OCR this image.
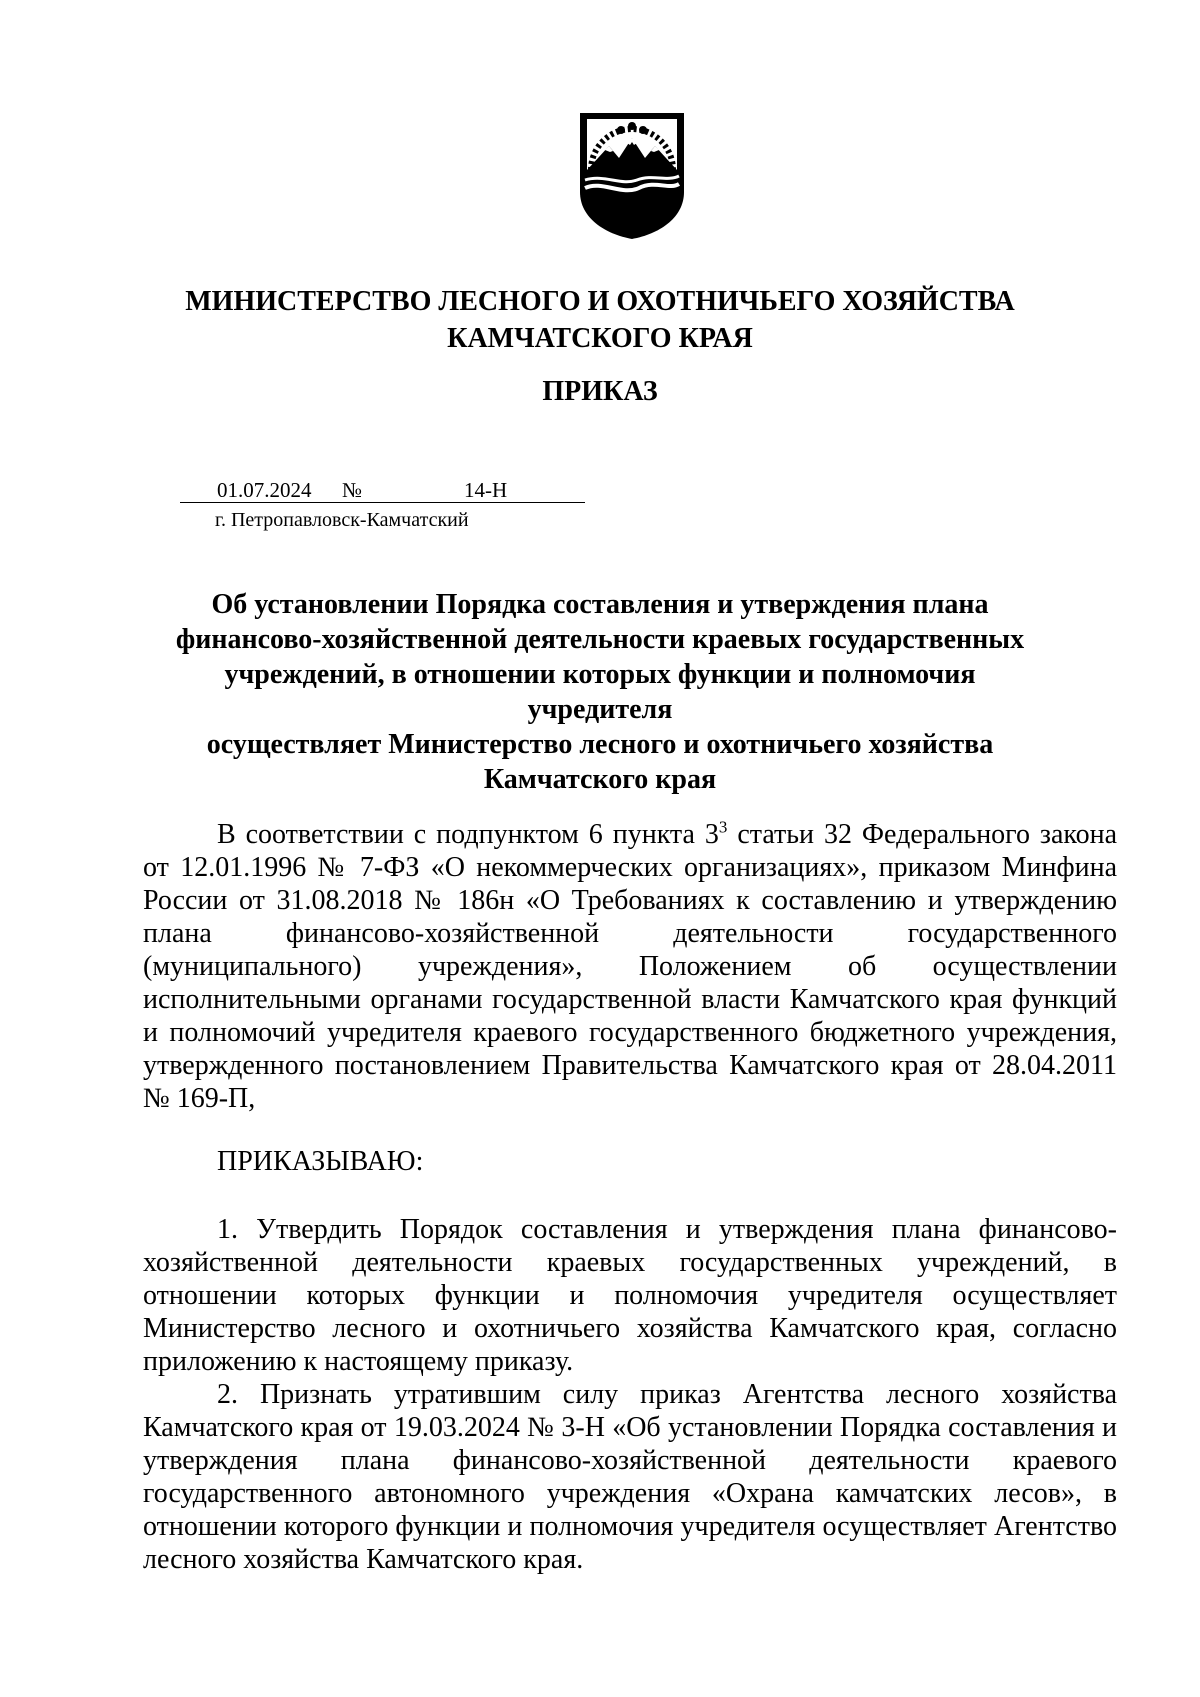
МИНИСТЕРСТВО ЛЕСНОГО И ОХОТНИЧЬЕГО ХОЗЯЙСТВА
КАМЧАТСКОГО КРАЯ
ПРИКАЗ
01.07.2024 №	14-Н
г. Петропавловск-Камчатский
Об установлении Порядка составления и утверждения плана
финансово-хозяйственной деятельности краевых государственных
учреждений, в отношении которых функции и полномочия учредителя
осуществляет Министерство лесного и охотничьего хозяйства
Камчатского края

В соответствии с подпунктом 6 пункта $3^3$ статьи 32 Федерального закона от 12.01.1996 № 7-ФЗ «О некоммерческих организациях», приказом Минфина России от 31.08.2018 № 186н «О Требованиях к составлению и утверждению плана финансово-хозяйственной деятельности государственного (муниципального) учреждения», Положением об осуществлении исполнительными органами государственной власти Камчатского края функций и полномочий учредителя краевого государственного бюджетного учреждения, утвержденного постановлением Правительства Камчатского края от 28.04.2011 № 169-П,

ПРИКАЗЫВАЮ:

1. Утвердить Порядок составления и утверждения плана финансово-хозяйственной деятельности краевых государственных учреждений, в отношении которых функции и полномочия учредителя осуществляет Министерство лесного и охотничьего хозяйства Камчатского края, согласно приложению к настоящему приказу.

2. Признать утратившим силу приказ Агентства лесного хозяйства Камчатского края от 19.03.2024 № 3-Н «Об установлении Порядка составления и утверждения плана финансово-хозяйственной деятельности краевого государственного автономного учреждения «Охрана камчатских лесов», в отношении которого функции и полномочия учредителя осуществляет Агентство лесного хозяйства Камчатского края.
